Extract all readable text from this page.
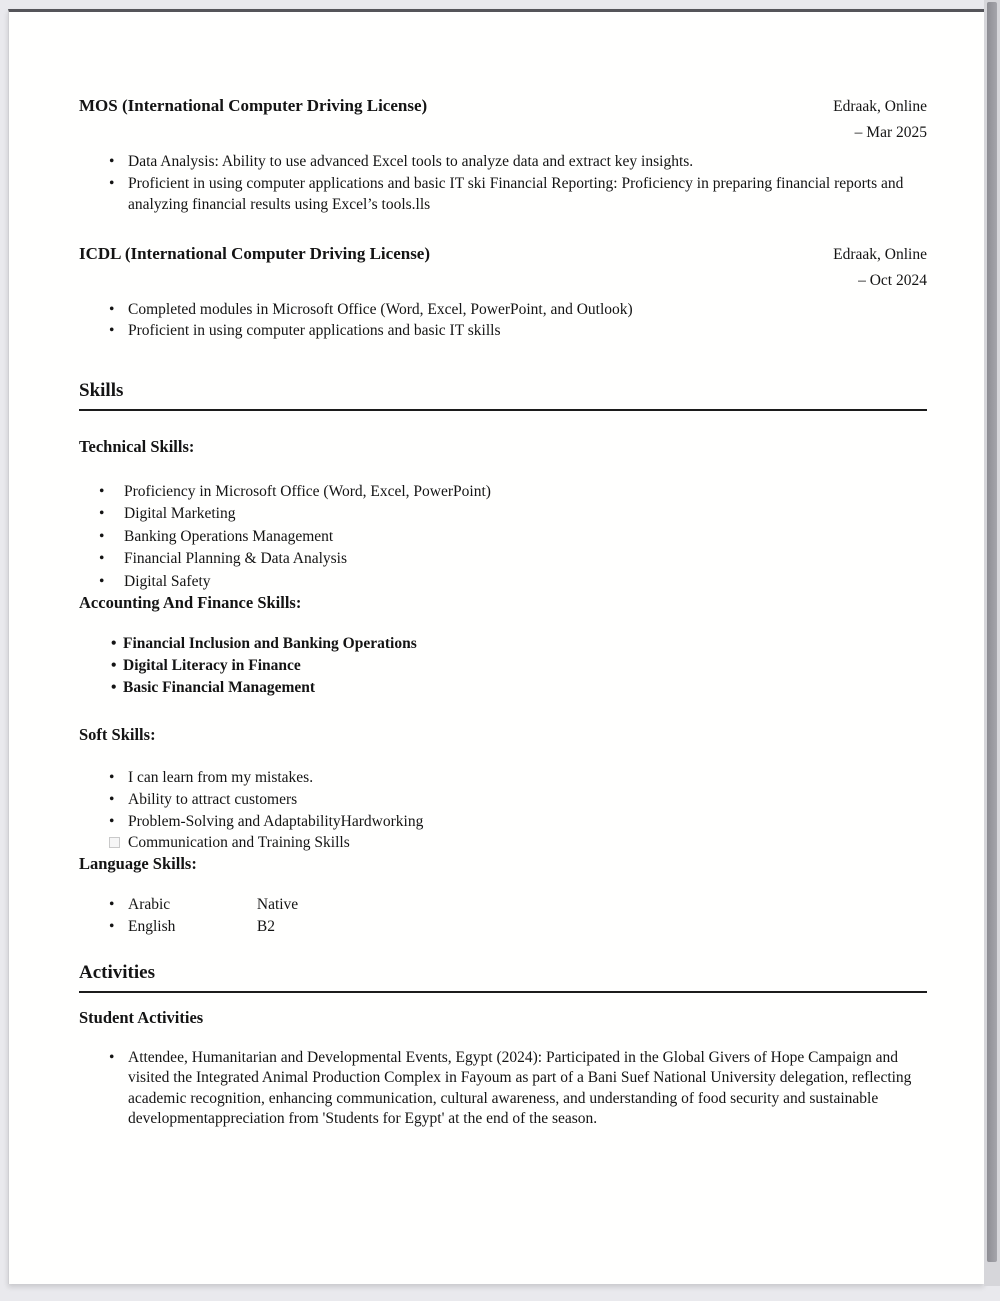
MOS (International Computer Driving License)	Edraak, Online
– Mar 2025
• Data Analysis: Ability to use advanced Excel tools to analyze data and extract key insights.
• Proficient in using computer applications and basic IT ski Financial Reporting: Proficiency in preparing financial reports and analyzing financial results using Excel’s tools.lls
ICDL (International Computer Driving License)	Edraak, Online
– Oct 2024
• Completed modules in Microsoft Office (Word, Excel, PowerPoint, and Outlook)
• Proficient in using computer applications and basic IT skills
Skills
Technical Skills:
• Proficiency in Microsoft Office (Word, Excel, PowerPoint)
• Digital Marketing
• Banking Operations Management
• Financial Planning & Data Analysis
• Digital Safety
Accounting And Finance Skills:
• Financial Inclusion and Banking Operations
• Digital Literacy in Finance
• Basic Financial Management
Soft Skills:
• I can learn from my mistakes.
• Ability to attract customers
• Problem-Solving and AdaptabilityHardworking
Communication and Training Skills
Language Skills:
• Arabic	Native
• English	B2
Activities
Student Activities
• Attendee, Humanitarian and Developmental Events, Egypt (2024): Participated in the Global Givers of Hope Campaign and visited the Integrated Animal Production Complex in Fayoum as part of a Bani Suef National University delegation, reflecting academic recognition, enhancing communication, cultural awareness, and understanding of food security and sustainable developmentappreciation from 'Students for Egypt' at the end of the season.
